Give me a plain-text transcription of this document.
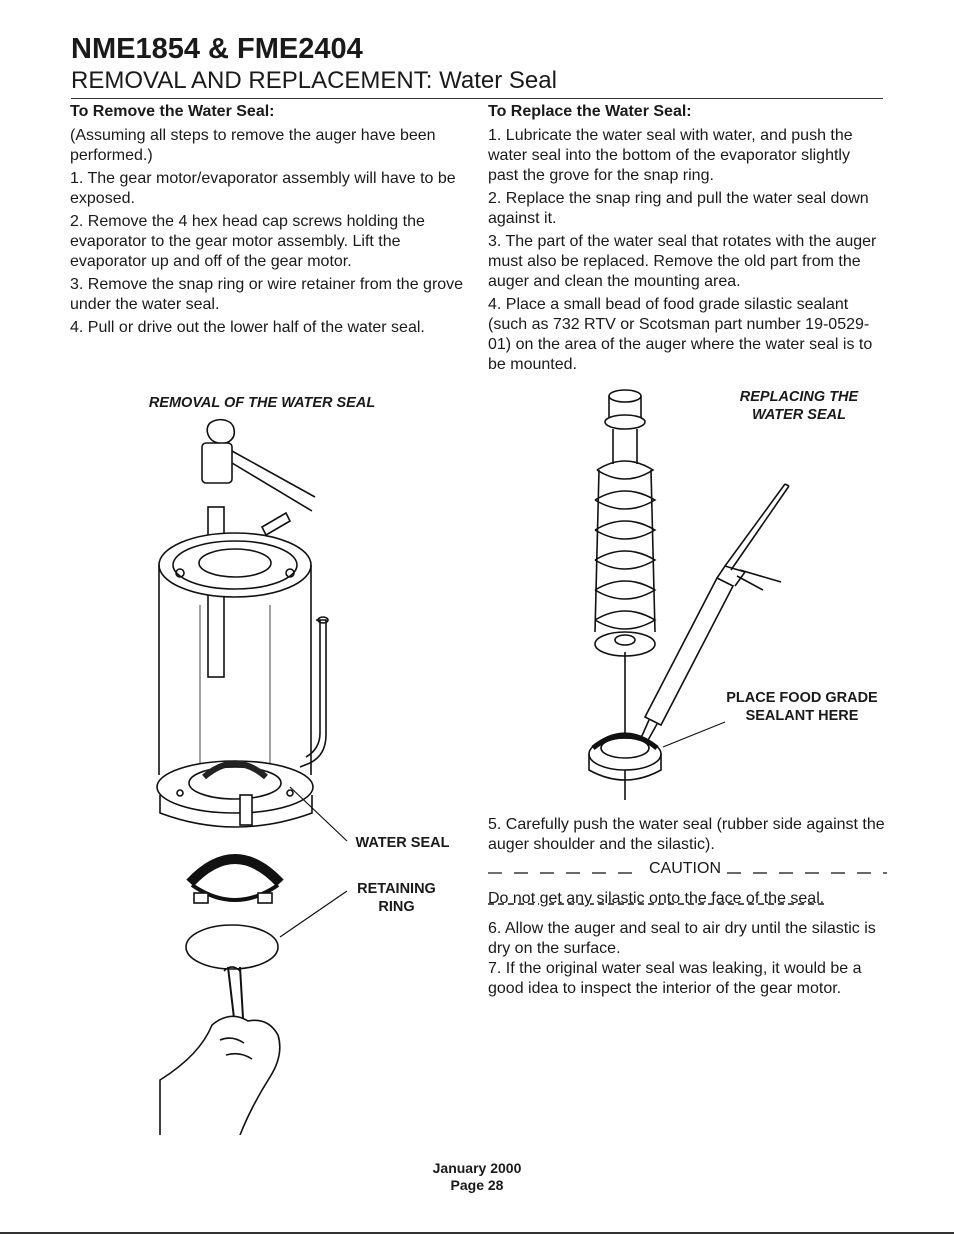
NME1854 & FME2404
REMOVAL AND REPLACEMENT: Water Seal

To Remove the Water Seal:

(Assuming all steps to remove the auger have been performed.)

1. The gear motor/evaporator assembly will have to be exposed.

2. Remove the 4 hex head cap screws holding the evaporator to the gear motor assembly. Lift the evaporator up and off of the gear motor.

3. Remove the snap ring or wire retainer from the grove under the water seal.

4. Pull or drive out the lower half of the water seal.

To Replace the Water Seal:

1. Lubricate the water seal with water, and push the water seal into the bottom of the evaporator slightly past the grove for the snap ring.

2. Replace the snap ring and pull the water seal down against it.

3. The part of the water seal that rotates with the auger must also be replaced. Remove the old part from the auger and clean the mounting area.

4. Place a small bead of food grade silastic sealant (such as 732 RTV or Scotsman part number 19-0529-01) on the area of the auger where the water seal is to be mounted.

REMOVAL OF THE WATER SEAL
WATER SEAL
RETAINING RING
REPLACING THE WATER SEAL
PLACE FOOD GRADE SEALANT HERE

5. Carefully push the water seal (rubber side against the auger shoulder and the silastic).

CAUTION

Do not get any silastic onto the face of the seal.

6. Allow the auger and seal to air dry until the silastic is dry on the surface.

7. If the original water seal was leaking, it would be a good idea to inspect the interior of the gear motor.

January 2000
Page 28
